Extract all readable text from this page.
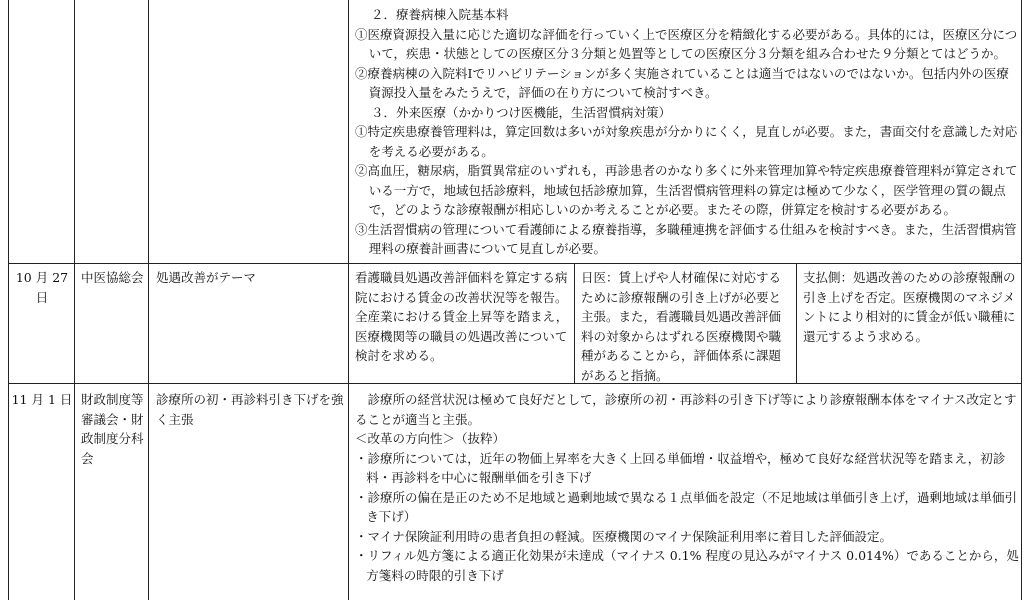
２．療養病棟入院基本料

①医療資源投入量に応じた適切な評価を行っていく上で医療区分を精緻化する必要がある。具体的には，医療区分について，疾患・状態としての医療区分３分類と処置等としての医療区分３分類を組み合わせた９分類とてはどうか。

②療養病棟の入院料Ⅰでリハビリテーションが多く実施されていることは適当ではないのではないか。包括内外の医療資源投入量をみたうえで，評価の在り方について検討すべき。

３．外来医療（かかりつけ医機能，生活習慣病対策）

①特定疾患療養管理料は，算定回数は多いが対象疾患が分かりにくく，見直しが必要。また，書面交付を意識した対応を考える必要がある。

②高血圧，糖尿病，脂質異常症のいずれも，再診患者のかなり多くに外来管理加算や特定疾患療養管理料が算定されている一方で，地域包括診療料，地域包括診療加算，生活習慣病管理料の算定は極めて少なく，医学管理の質の観点で，どのような診療報酬が相応しいのか考えることが必要。またその際，併算定を検討する必要がある。

③生活習慣病の管理について看護師による療養指導，多職種連携を評価する仕組みを検討すべき。また，生活習慣病管理料の療養計画書について見直しが必要。

10 月 27 日
処遇改善がテーマ
中医協総会	看護職員処遇改善評価料を算定する病院における賃金の改善状況等を報告。全産業における賃金上昇等を踏まえ，医療機関等の職員の処遇改善について検討を求める。
日医：賃上げや人材確保に対応するために診療報酬の引き上げが必要と主張。また，看護職員処遇改善評価料の対象からはずれる医療機関や職種があることから，評価体系に課題があると指摘。
支払側：処遇改善のための診療報酬の引き上げを否定。医療機関のマネジメントにより相対的に賃金が低い職種に還元するよう求める。
11 月 1 日 財政制度等審議会・財政制度分科会
診療所の初・再診料引き下げを強く主張

診療所の経営状況は極めて良好だとして，診療所の初・再診料の引き下げ等により診療報酬本体をマイナス改定とすることが適当と主張。

＜改革の方向性＞（抜粋）

・診療所については，近年の物価上昇率を大きく上回る単価増・収益増や，極めて良好な経営状況等を踏まえ，初診料・再診料を中心に報酬単価を引き下げ

・診療所の偏在是正のため不足地域と過剰地域で異なる１点単価を設定（不足地域は単価引き上げ，過剰地域は単価引き下げ）

・マイナ保険証利用時の患者負担の軽減。医療機関のマイナ保険証利用率に着目した評価設定。

・リフィル処方箋による適正化効果が未達成（マイナス 0.1% 程度の見込みがマイナス 0.014%）であることから，処方箋料の時限的引き下げ
